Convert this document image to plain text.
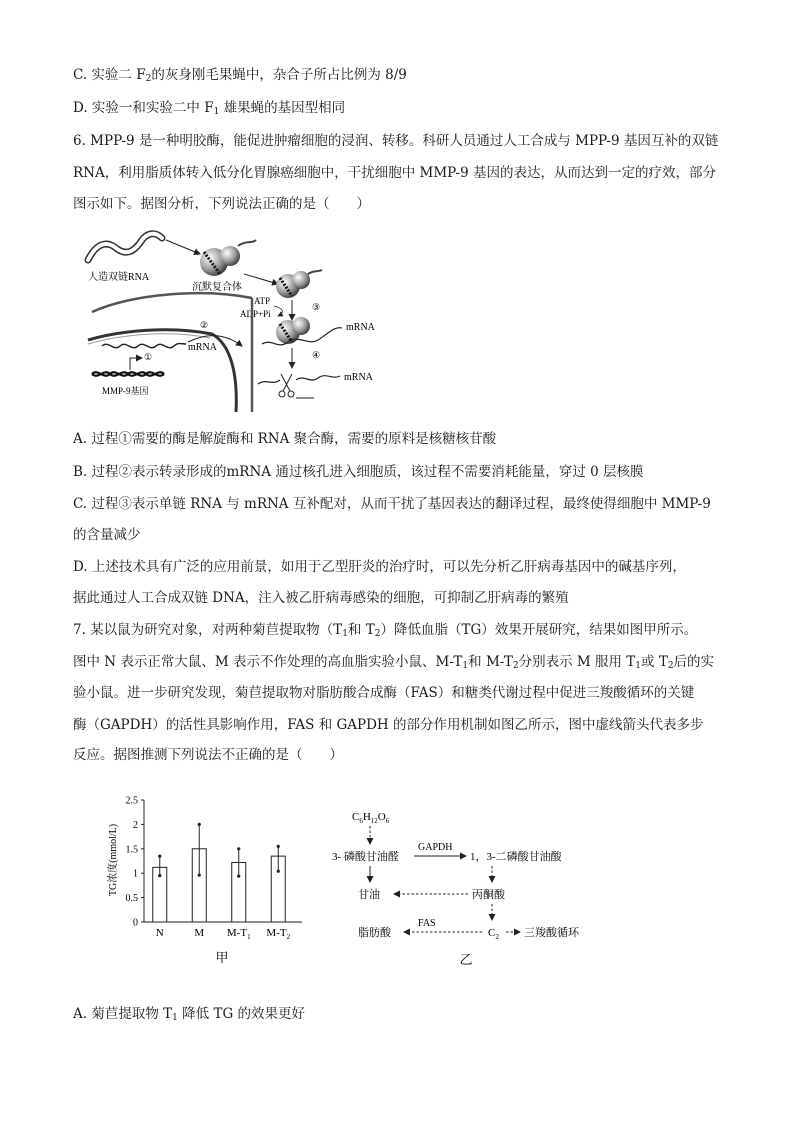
C. 实验二 $F_2$的灰身刚毛果蝇中，杂合子所占比例为 8/9
D. 实验一和实验二中 $F_1$ 雄果蝇的基因型相同
6. MPP-9 是一种明胶酶，能促进肿瘤细胞的浸润、转移。科研人员通过人工合成与 MPP-9 基因互补的双链
RNA，利用脂质体转入低分化胃腺癌细胞中，干扰细胞中 MMP-9 基因的表达，从而达到一定的疗效，部分
图示如下。据图分析，下列说法正确的是（　　）
人造双链RNA
沉默复合体
③
ATP
ADP+Pi
mRNA
④
mRNA
②
mRNA
①
MMP-9基因
A. 过程①需要的酶是解旋酶和 RNA 聚合酶，需要的原料是核糖核苷酸
B. 过程②表示转录形成的mRNA 通过核孔进入细胞质，该过程不需要消耗能量，穿过 0 层核膜
C. 过程③表示单链 RNA 与 mRNA 互补配对，从而干扰了基因表达的翻译过程，最终使得细胞中 MMP-9
的含量减少
D. 上述技术具有广泛的应用前景，如用于乙型肝炎的治疗时，可以先分析乙肝病毒基因中的碱基序列，
据此通过人工合成双链 DNA，注入被乙肝病毒感染的细胞，可抑制乙肝病毒的繁殖
7. 某以鼠为研究对象，对两种菊苣提取物（$T_1$和 $T_2$）降低血脂（TG）效果开展研究，结果如图甲所示。
图中 N 表示正常大鼠、M 表示不作处理的高血脂实验小鼠、$M-T_1$和 $M-T_2$分别表示 M 服用 $T_1$或 $T_2$后的实
验小鼠。进一步研究发现，菊苣提取物对脂肪酸合成酶（FAS）和糖类代谢过程中促进三羧酸循环的关键
酶（GAPDH）的活性具影响作用，FAS 和 GAPDH 的部分作用机制如图乙所示，图中虚线箭头代表多步
反应。据图推测下列说法不正确的是（　　）
TG浓度(mmol/L)
0
0.5
1
1.5
2
2.5
N	M $M-T_1$ $M-T_2$
甲
$C_6H_{12}O_6$
3- 磷酸甘油醛
GAPDH
1，3-二磷酸甘油酸
甘油	丙酮酸
$C_2$
FAS
脂肪酸	三羧酸循环
乙
A. 菊苣提取物 $T_1$ 降低 TG 的效果更好
